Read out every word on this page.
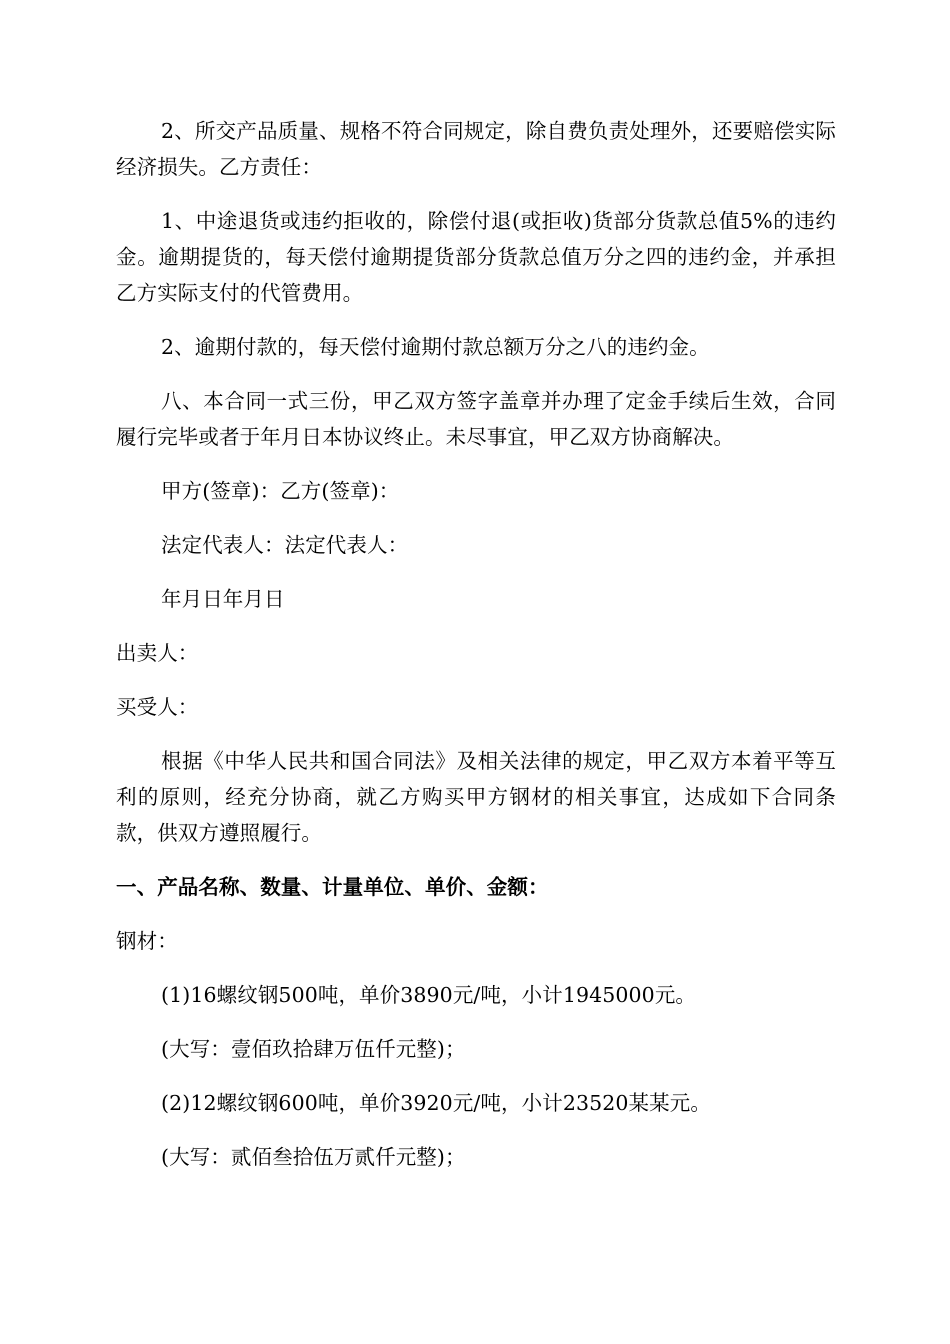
2、所交产品质量、规格不符合同规定，除自费负责处理外，还要赔偿实际经济损失。乙方责任：

1、中途退货或违约拒收的，除偿付退(或拒收)货部分货款总值5%的违约金。逾期提货的，每天偿付逾期提货部分货款总值万分之四的违约金，并承担乙方实际支付的代管费用。

2、逾期付款的，每天偿付逾期付款总额万分之八的违约金。

八、本合同一式三份，甲乙双方签字盖章并办理了定金手续后生效，合同履行完毕或者于年月日本协议终止。未尽事宜，甲乙双方协商解决。

甲方(签章)：乙方(签章)：

法定代表人：法定代表人：

年月日年月日

出卖人：

买受人：

根据《中华人民共和国合同法》及相关法律的规定，甲乙双方本着平等互利的原则，经充分协商，就乙方购买甲方钢材的相关事宜，达成如下合同条款，供双方遵照履行。

一、产品名称、数量、计量单位、单价、金额：

钢材：

(1)16螺纹钢500吨，单价3890元/吨，小计1945000元。

(大写：壹佰玖拾肆万伍仟元整)；

(2)12螺纹钢600吨，单价3920元/吨，小计23520某某元。

(大写：贰佰叁拾伍万贰仟元整)；
